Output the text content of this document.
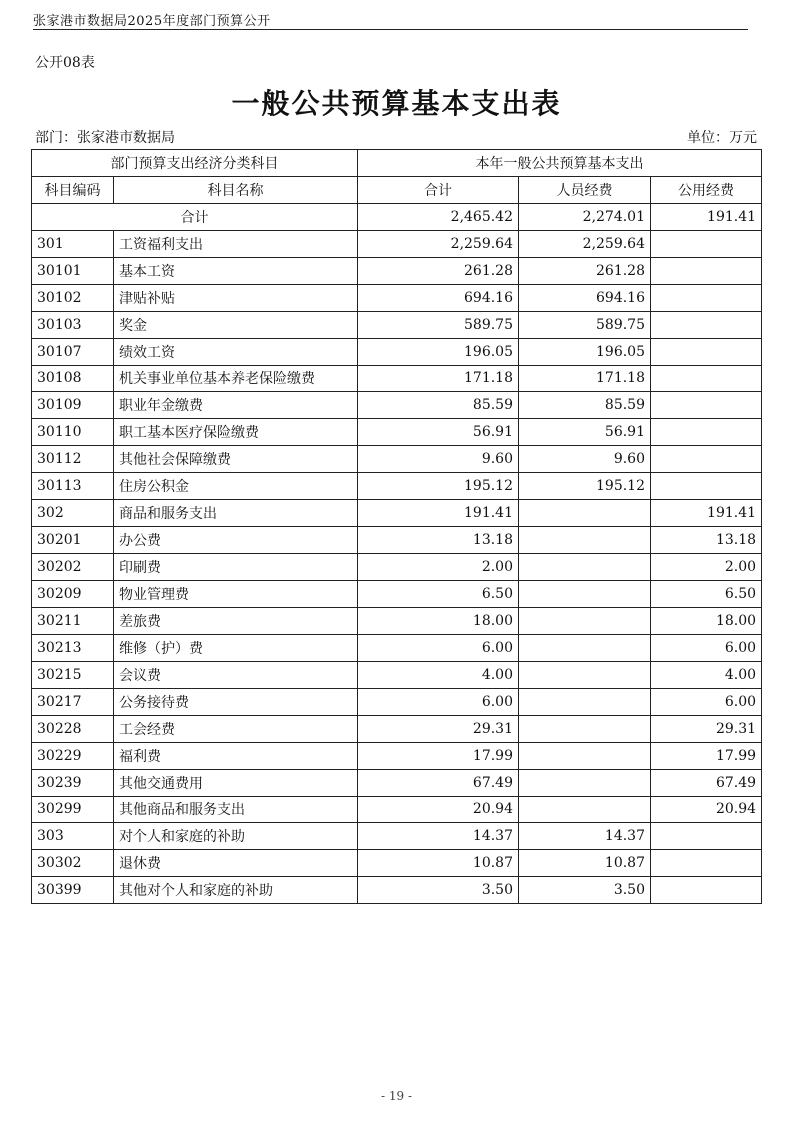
张家港市数据局2025年度部门预算公开
公开08表
一般公共预算基本支出表
部门：张家港市数据局	单位：万元
部门预算支出经济分类科目		本年一般公共预算基本支出		
科目编码	科目名称	合计	人员经费	公用经费
合计		2,465.42	2,274.01	191.41
301	工资福利支出	2,259.64	2,259.64	
30101	基本工资	261.28	261.28	
30102	津贴补贴	694.16	694.16	
30103	奖金	589.75	589.75	
30107	绩效工资	196.05	196.05	
30108	机关事业单位基本养老保险缴费	171.18	171.18	
30109	职业年金缴费	85.59	85.59	
30110	职工基本医疗保险缴费	56.91	56.91	
30112	其他社会保障缴费	9.60	9.60	
30113	住房公积金	195.12	195.12	
302	商品和服务支出	191.41		191.41
30201	办公费	13.18		13.18
30202	印刷费	2.00		2.00
30209	物业管理费	6.50		6.50
30211	差旅费	18.00		18.00
30213	维修（护）费	6.00		6.00
30215	会议费	4.00		4.00
30217	公务接待费	6.00		6.00
30228	工会经费	29.31		29.31
30229	福利费	17.99		17.99
30239	其他交通费用	67.49		67.49
30299	其他商品和服务支出	20.94		20.94
303	对个人和家庭的补助	14.37	14.37	
30302	退休费	10.87	10.87	
30399	其他对个人和家庭的补助	3.50	3.50	
- 19 -
